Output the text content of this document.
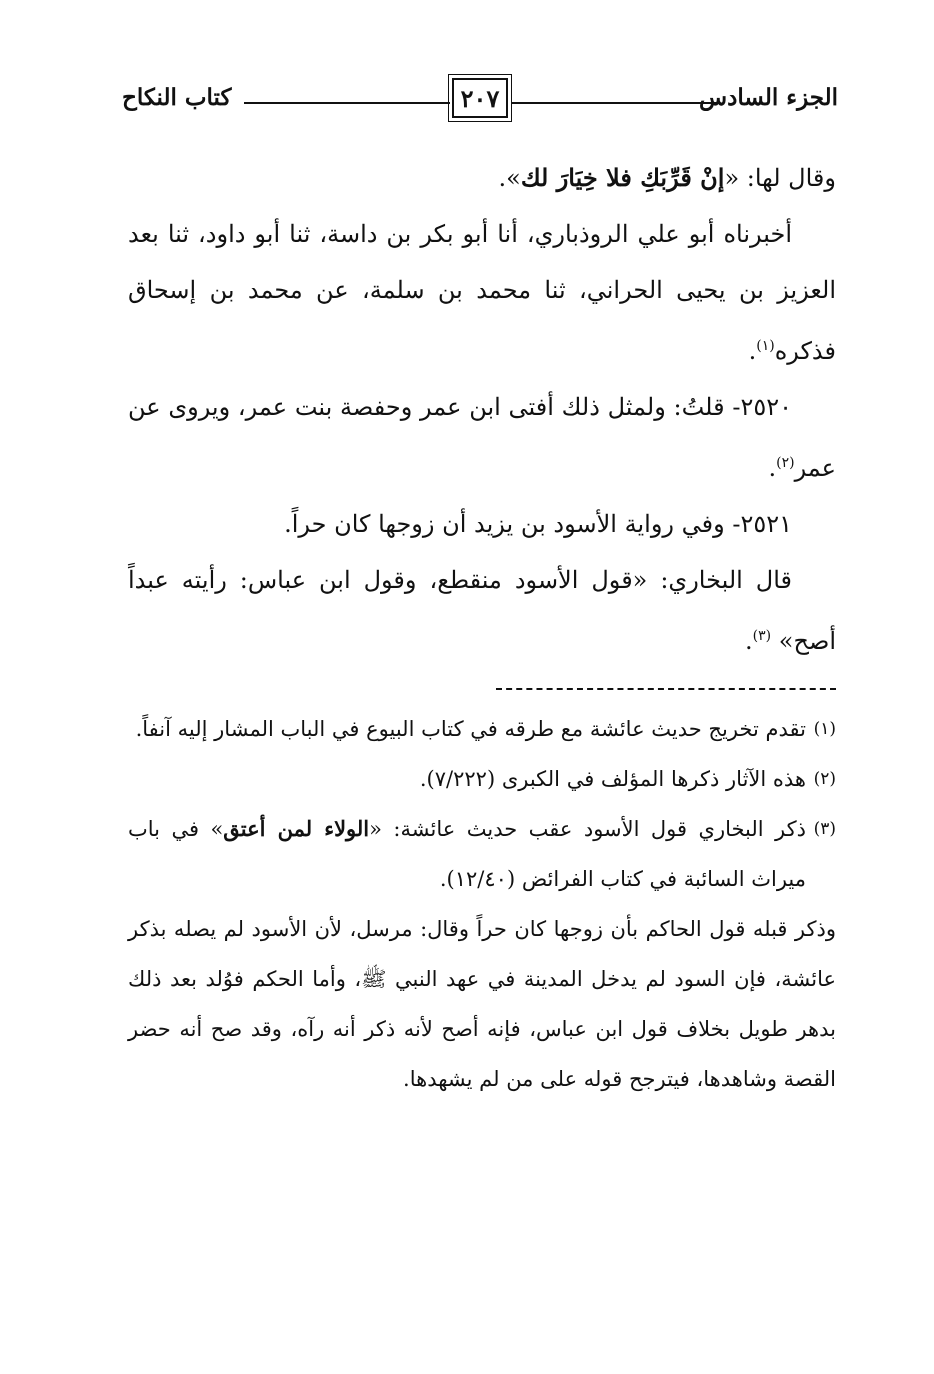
الجزء السادس
٢٠٧
كتاب النكاح

وقال لها: «إنْ قَرِّبَكِ فلا خِيَارَ لك».

أخبرناه أبو علي الروذباري، أنا أبو بكر بن داسة، ثنا أبو داود، ثنا بعد العزيز بن يحيى الحراني، ثنا محمد بن سلمة، عن محمد بن إسحاق فذكره$^{(١)}$.

٢٥٢٠- قلتُ: ولمثل ذلك أفتى ابن عمر وحفصة بنت عمر، ويروى عن عمر$^{(٢)}$.

٢٥٢١- وفي رواية الأسود بن يزيد أن زوجها كان حراً.

قال البخاري: «قول الأسود منقطع، وقول ابن عباس: رأيته عبداً أصح» $^{(٣)}$.

(١)
تقدم تخريج حديث عائشة مع طرقه في كتاب البيوع في الباب المشار إليه آنفاً.

(٢)
هذه الآثار ذكرها المؤلف في الكبرى (٧/٢٢٢).

(٣)
ذكر البخاري قول الأسود عقب حديث عائشة: «الولاء لمن أعتق» في باب ميراث السائبة في كتاب الفرائض (١٢/٤٠).

وذكر قبله قول الحاكم بأن زوجها كان حراً وقال: مرسل، لأن الأسود لم يصله بذكر عائشة، فإن السود لم يدخل المدينة في عهد النبي ﷺ، وأما الحكم فوُلد بعد ذلك بدهر طويل بخلاف قول ابن عباس، فإنه أصح لأنه ذكر أنه رآه، وقد صح أنه حضر القصة وشاهدها، فيترجح قوله على من لم يشهدها.
